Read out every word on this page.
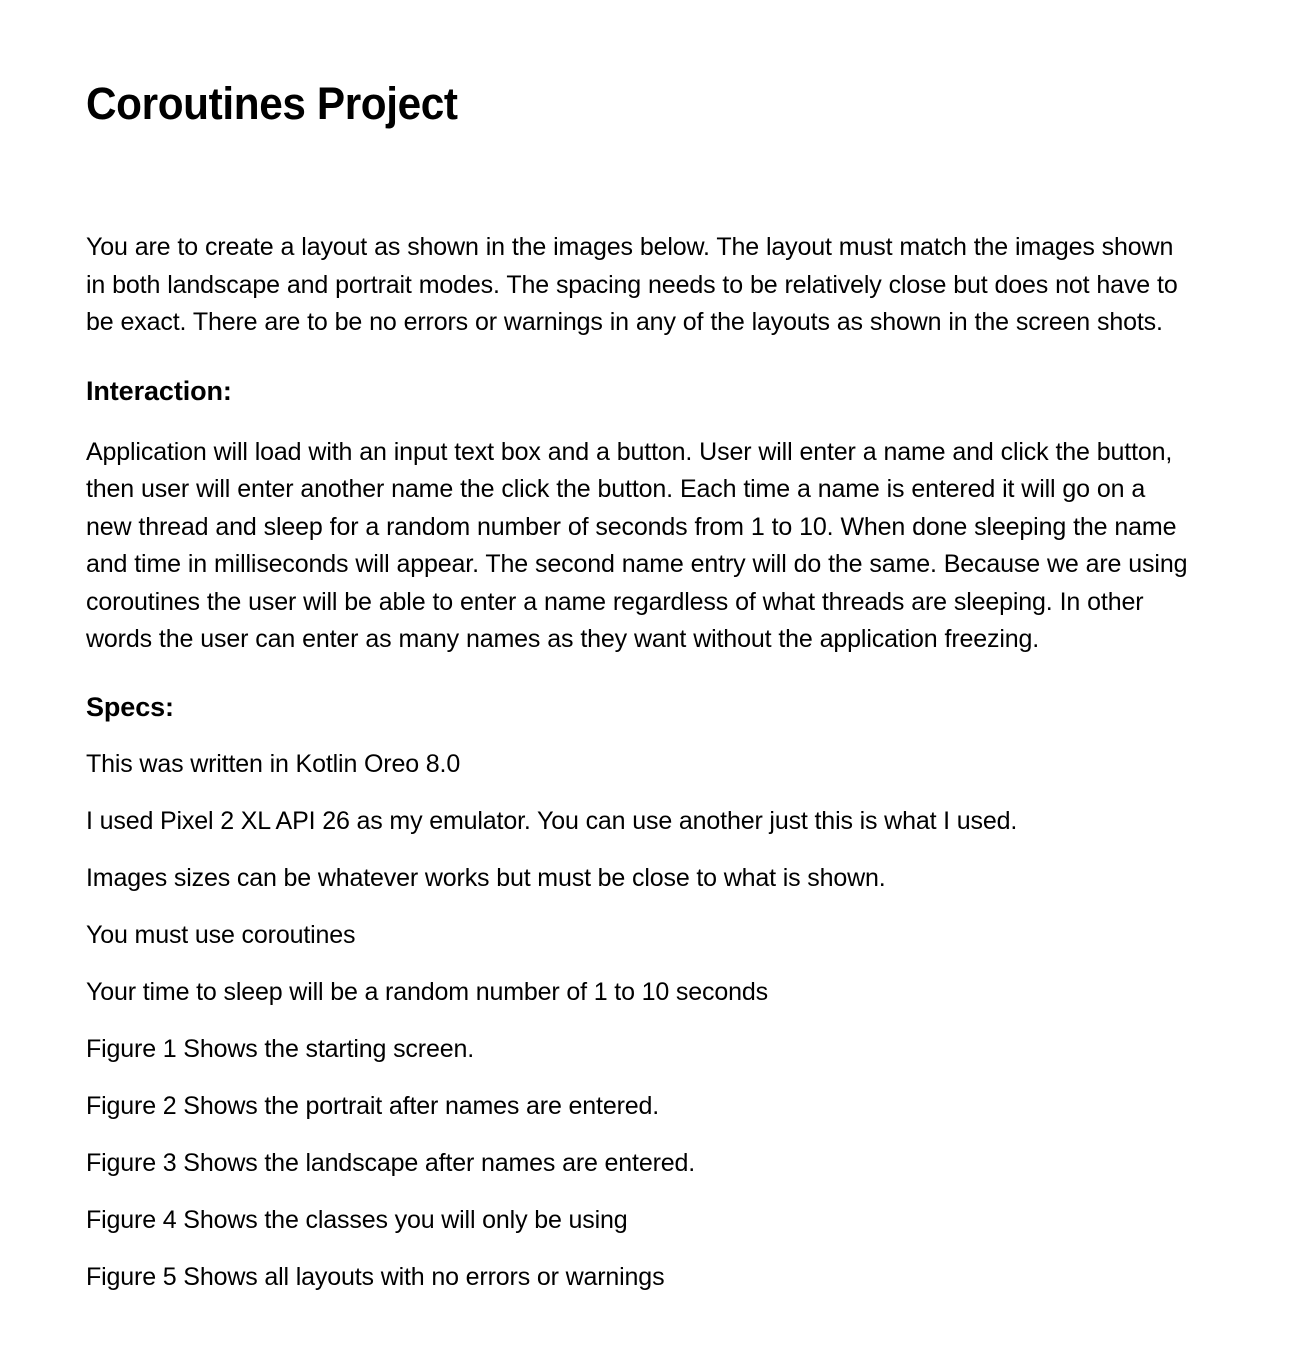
Coroutines Project

You are to create a layout as shown in the images below. The layout must match the images shown in both landscape and portrait modes. The spacing needs to be relatively close but does not have to be exact. There are to be no errors or warnings in any of the layouts as shown in the screen shots.

Interaction:

Application will load with an input text box and a button. User will enter a name and click the button, then user will enter another name the click the button. Each time a name is entered it will go on a new thread and sleep for a random number of seconds from 1 to 10. When done sleeping the name and time in milliseconds will appear. The second name entry will do the same. Because we are using coroutines the user will be able to enter a name regardless of what threads are sleeping. In other words the user can enter as many names as they want without the application freezing.

Specs:

This was written in Kotlin Oreo 8.0

I used Pixel 2 XL API 26 as my emulator. You can use another just this is what I used.

Images sizes can be whatever works but must be close to what is shown.

You must use coroutines

Your time to sleep will be a random number of 1 to 10 seconds

Figure 1 Shows the starting screen.

Figure 2 Shows the portrait after names are entered.

Figure 3 Shows the landscape after names are entered.

Figure 4 Shows the classes you will only be using

Figure 5 Shows all layouts with no errors or warnings
